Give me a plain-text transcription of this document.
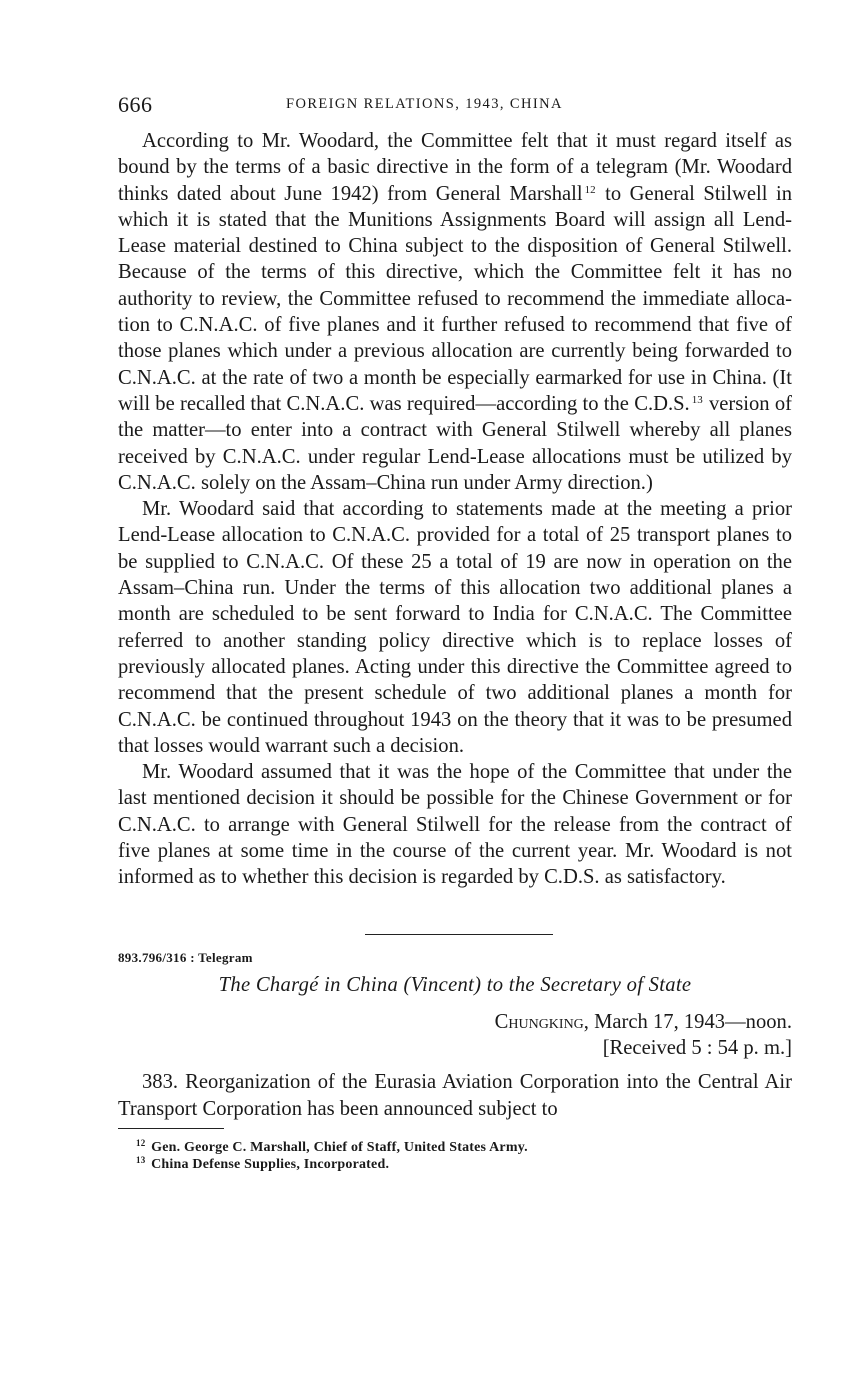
666	FOREIGN RELATIONS, 1943, CHINA

According to Mr. Woodard, the Committee felt that it must regard itself as bound by the terms of a basic directive in the form of a telegram (Mr. Woodard thinks dated about June 1942) from General Marshall $^{12}$ to General Stilwell in which it is stated that the Munitions Assignments Board will assign all Lend-Lease material destined to China subject to the disposition of General Stilwell. Because of the terms of this directive, which the Committee felt it has no authority to review, the Committee refused to recommend the immediate allocation to C.N.A.C. of five planes and it further refused to recommend that five of those planes which under a previous allocation are currently being forwarded to C.N.A.C. at the rate of two a month be especially earmarked for use in China. (It will be recalled that C.N.A.C. was required—according to the C.D.S. $^{13}$ version of the matter—to enter into a contract with General Stilwell whereby all planes received by C.N.A.C. under regular Lend-Lease allocations must be utilized by C.N.A.C. solely on the Assam–China run under Army direction.)

Mr. Woodard said that according to statements made at the meeting a prior Lend-Lease allocation to C.N.A.C. provided for a total of 25 transport planes to be supplied to C.N.A.C. Of these 25 a total of 19 are now in operation on the Assam–China run. Under the terms of this allocation two additional planes a month are scheduled to be sent forward to India for C.N.A.C. The Committee referred to another standing policy directive which is to replace losses of previously allocated planes. Acting under this directive the Committee agreed to recommend that the present schedule of two additional planes a month for C.N.A.C. be continued throughout 1943 on the theory that it was to be presumed that losses would warrant such a decision.

Mr. Woodard assumed that it was the hope of the Committee that under the last mentioned decision it should be possible for the Chinese Government or for C.N.A.C. to arrange with General Stilwell for the release from the contract of five planes at some time in the course of the current year. Mr. Woodard is not informed as to whether this decision is regarded by C.D.S. as satisfactory.

893.796/316 : Telegram
The Chargé in China (Vincent) to the Secretary of State
Chungking, March 17, 1943—noon.
[Received 5 : 54 p. m.]

383. Reorganization of the Eurasia Aviation Corporation into the Central Air Transport Corporation has been announced subject to

$^{12}$ Gen. George C. Marshall, Chief of Staff, United States Army.
$^{13}$ China Defense Supplies, Incorporated.
